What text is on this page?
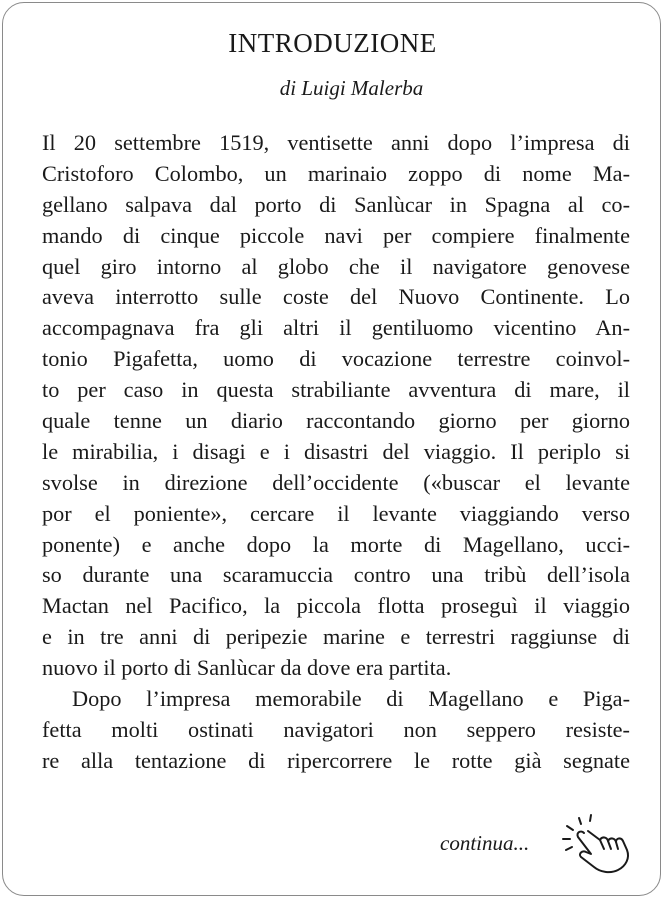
INTRODUZIONE
di Luigi Malerba
Il 20 settembre 1519, ventisette anni dopo l’impresa di
Cristoforo Colombo, un marinaio zoppo di nome Ma-
gellano salpava dal porto di Sanlùcar in Spagna al co-
mando di cinque piccole navi per compiere finalmente
quel giro intorno al globo che il navigatore genovese
aveva interrotto sulle coste del Nuovo Continente. Lo
accompagnava fra gli altri il gentiluomo vicentino An-
tonio Pigafetta, uomo di vocazione terrestre coinvol-
to per caso in questa strabiliante avventura di mare, il
quale tenne un diario raccontando giorno per giorno
le mirabilia, i disagi e i disastri del viaggio. Il periplo si
svolse in direzione dell’occidente («buscar el levante
por el poniente», cercare il levante viaggiando verso
ponente) e anche dopo la morte di Magellano, ucci-
so durante una scaramuccia contro una tribù dell’isola
Mactan nel Pacifico, la piccola flotta proseguì il viaggio
e in tre anni di peripezie marine e terrestri raggiunse di
nuovo il porto di Sanlùcar da dove era partita.
Dopo l’impresa memorabile di Magellano e Piga-
fetta molti ostinati navigatori non seppero resiste-
re alla tentazione di ripercorrere le rotte già segnate
continua...
